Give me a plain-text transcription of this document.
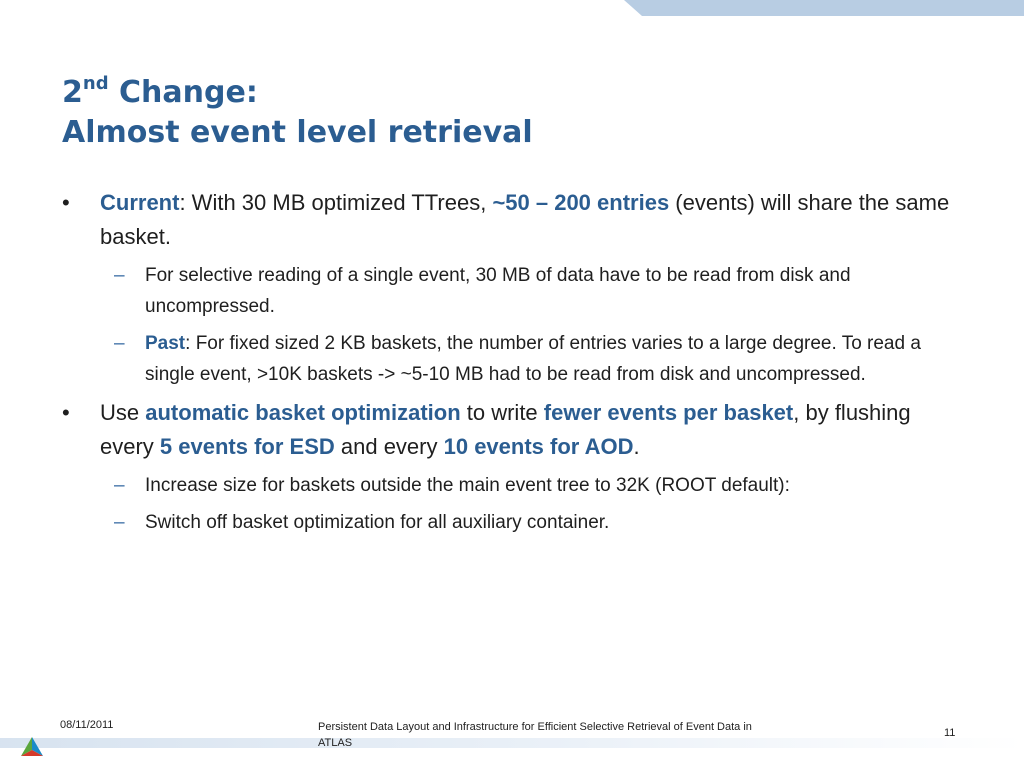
2nd Change:
Almost event level retrieval
• Current: With 30 MB optimized TTrees, ~50 – 200 entries (events) will share the same basket.
– For selective reading of a single event, 30 MB of data have to be read from disk and uncompressed.
– Past: For fixed sized 2 KB baskets, the number of entries varies to a large degree. To read a single event, >10K baskets -> ~5-10 MB had to be read from disk and uncompressed.
• Use automatic basket optimization to write fewer events per basket, by flushing every 5 events for ESD and every 10 events for AOD.
– Increase size for baskets outside the main event tree to 32K (ROOT default):
– Switch off basket optimization for all auxiliary container.
08/11/2011	Persistent Data Layout and Infrastructure for Efficient Selective Retrieval of Event Data in ATLAS
11
